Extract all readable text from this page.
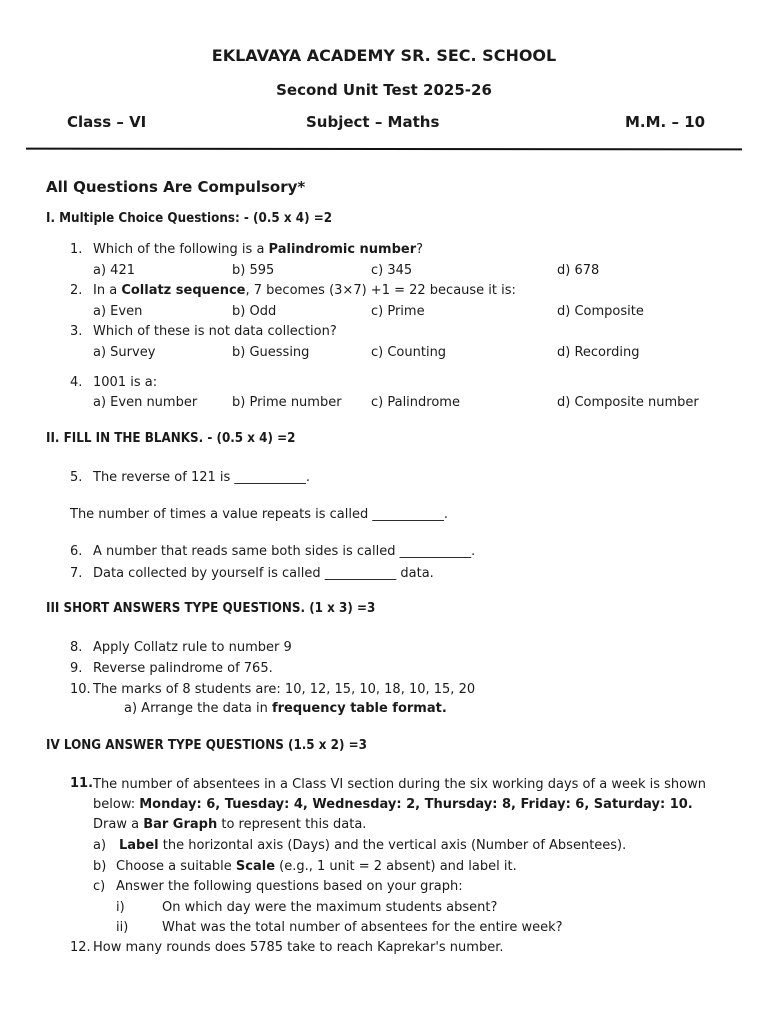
EKLAVAYA ACADEMY SR. SEC. SCHOOL
Second Unit Test 2025-26
Class – VI	Subject – Maths	M.M. – 10
All Questions Are Compulsory*
I. Multiple Choice Questions: - (0.5 x 4) =2
1. Which of the following is a Palindromic number?
a) 421	b) 595	c) 345	d) 678
2. In a Collatz sequence, 7 becomes (3×7) +1 = 22 because it is:
a) Even	b) Odd	c) Prime	d) Composite
3. Which of these is not data collection?
a) Survey	b) Guessing	c) Counting	d) Recording
4. 1001 is a:
a) Even number	b) Prime number c) Palindrome	d) Composite number
II. FILL IN THE BLANKS. - (0.5 x 4) =2
5. The reverse of 121 is ___________.
The number of times a value repeats is called ___________.
6. A number that reads same both sides is called ___________.
7. Data collected by yourself is called ___________ data.
III SHORT ANSWERS TYPE QUESTIONS. (1 x 3) =3
8. Apply Collatz rule to number 9
9. Reverse palindrome of 765.
10. The marks of 8 students are: 10, 12, 15, 10, 18, 10, 15, 20
a) Arrange the data in frequency table format.
IV LONG ANSWER TYPE QUESTIONS (1.5 x 2) =3
11. The number of absentees in a Class VI section during the six working days of a week is shown
below: Monday: 6, Tuesday: 4, Wednesday: 2, Thursday: 8, Friday: 6, Saturday: 10.
Draw a Bar Graph to represent this data.
a) Label the horizontal axis (Days) and the vertical axis (Number of Absentees).
b) Choose a suitable Scale (e.g., 1 unit = 2 absent) and label it.
c) Answer the following questions based on your graph:
i)	On which day were the maximum students absent?
ii)	What was the total number of absentees for the entire week?
12. How many rounds does 5785 take to reach Kaprekar's number.
